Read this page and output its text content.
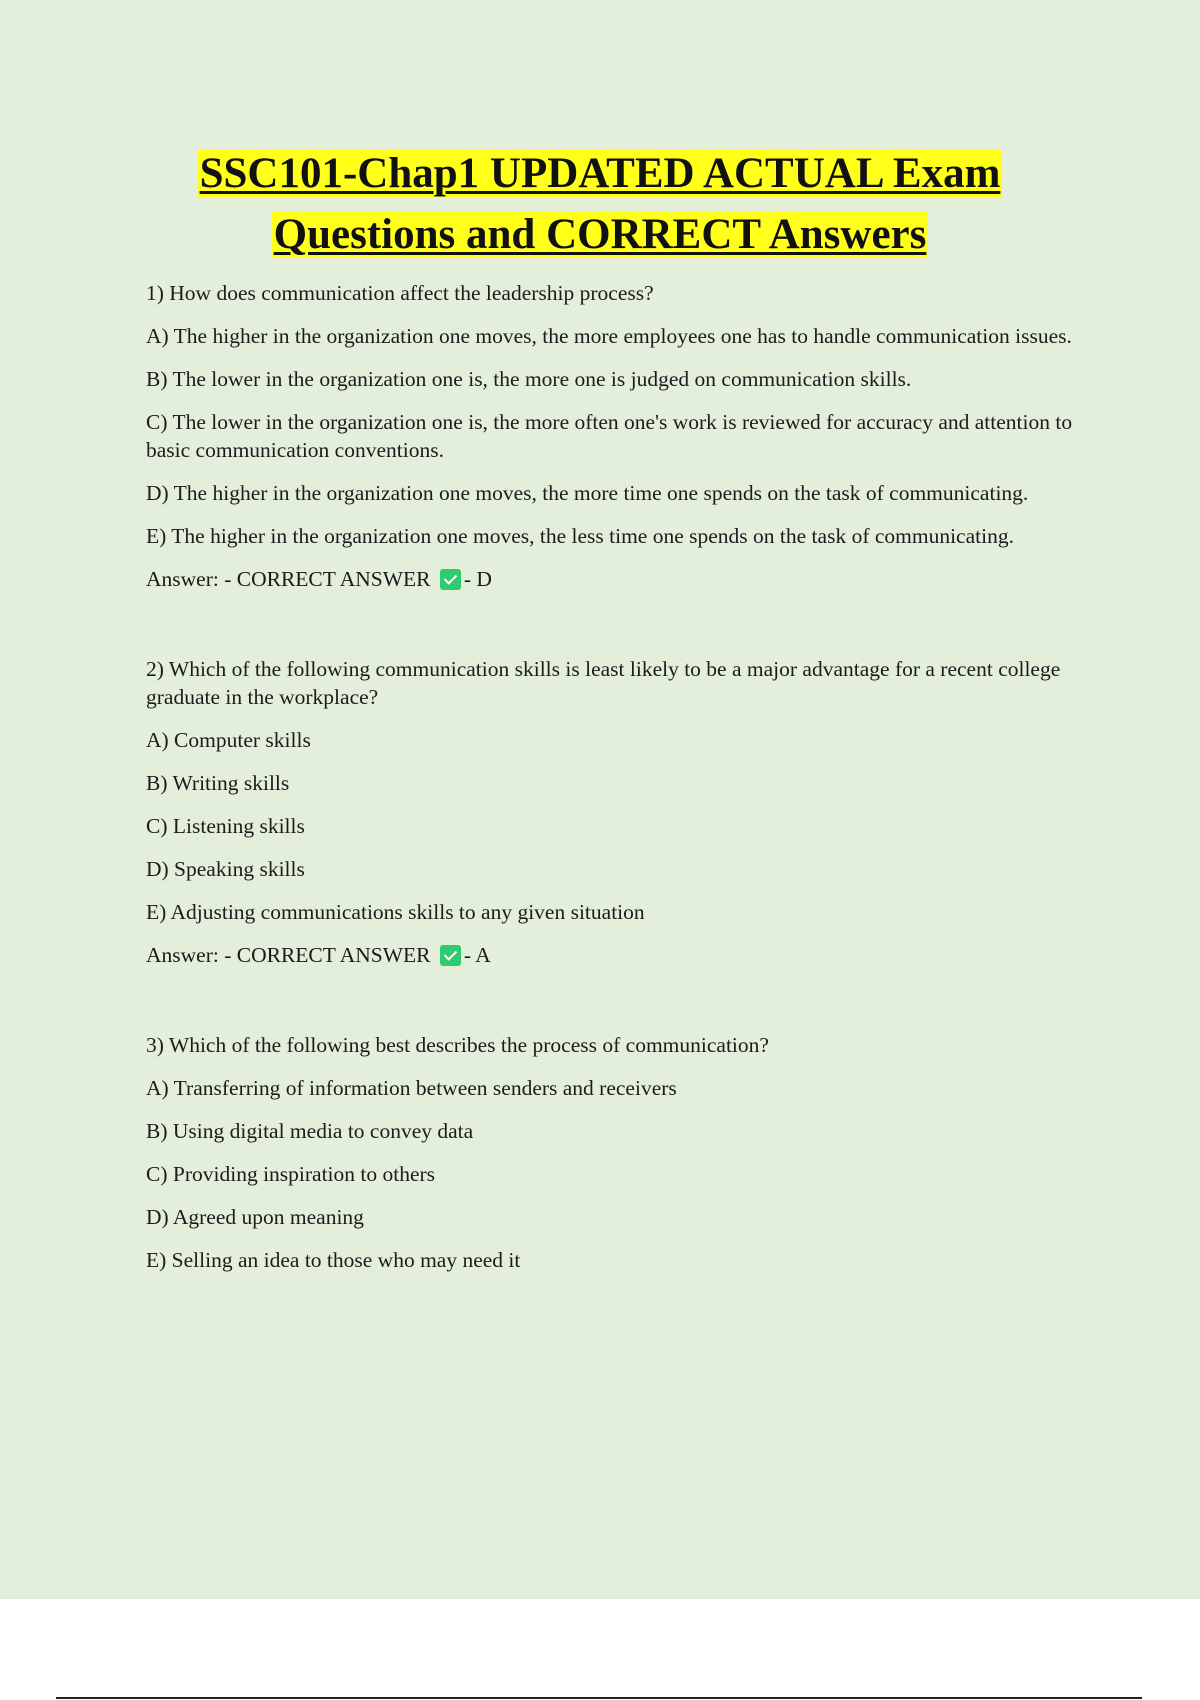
SSC101-Chap1 UPDATED ACTUAL Exam
Questions and CORRECT Answers

1) How does communication affect the leadership process?

A) The higher in the organization one moves, the more employees one has to handle communication issues.

B) The lower in the organization one is, the more one is judged on communication skills.

C) The lower in the organization one is, the more often one's work is reviewed for accuracy and attention to basic communication conventions.

D) The higher in the organization one moves, the more time one spends on the task of communicating.

E) The higher in the organization one moves, the less time one spends on the task of communicating.

Answer: - CORRECT ANSWER - D

2) Which of the following communication skills is least likely to be a major advantage for a recent college graduate in the workplace?

A) Computer skills

B) Writing skills

C) Listening skills

D) Speaking skills

E) Adjusting communications skills to any given situation

Answer: - CORRECT ANSWER - A

3) Which of the following best describes the process of communication?

A) Transferring of information between senders and receivers

B) Using digital media to convey data

C) Providing inspiration to others

D) Agreed upon meaning

E) Selling an idea to those who may need it
